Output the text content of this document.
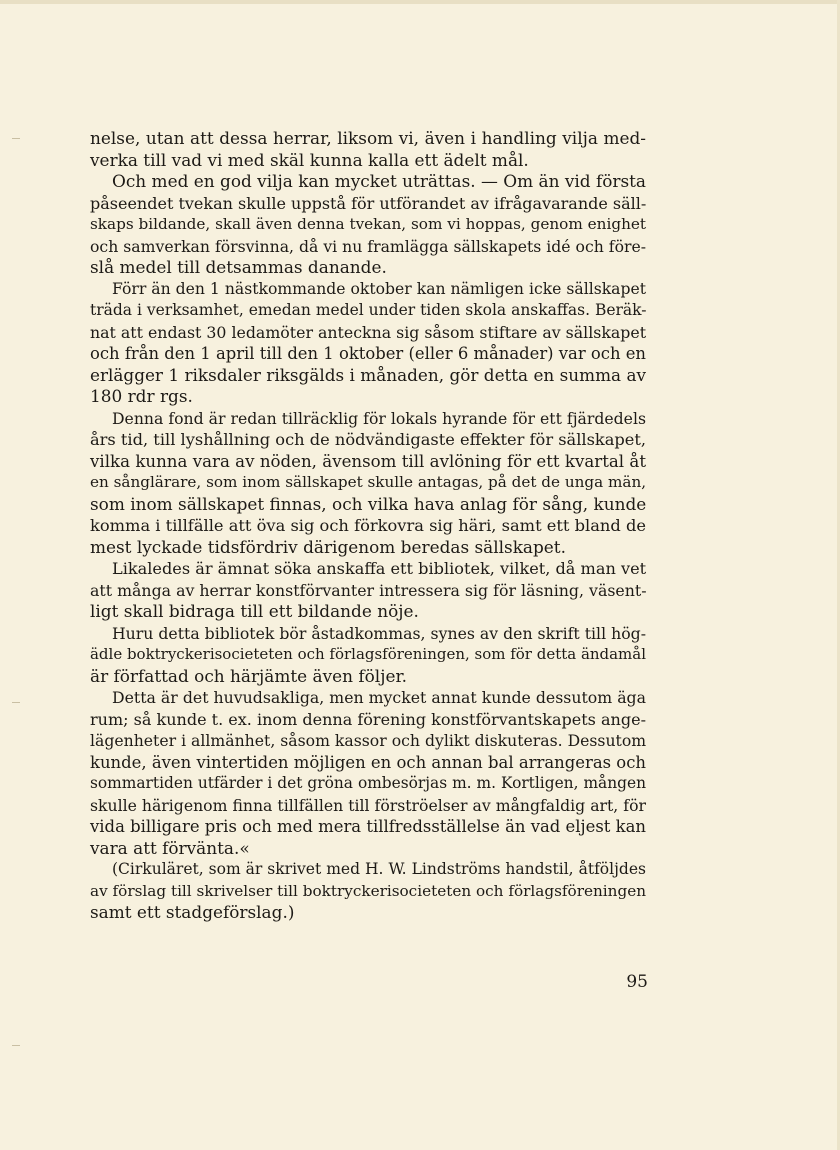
nelse, utan att dessa herrar, liksom vi, även i handling vilja med-
verka till vad vi med skäl kunna kalla ett ädelt mål.
Och med en god vilja kan mycket uträttas. — Om än vid första
påseendet tvekan skulle uppstå för utförandet av ifrågavarande säll-
skaps bildande, skall även denna tvekan, som vi hoppas, genom enighet
och samverkan försvinna, då vi nu framlägga sällskapets idé och före-
slå medel till detsammas danande.
Förr än den 1 nästkommande oktober kan nämligen icke sällskapet
träda i verksamhet, emedan medel under tiden skola anskaffas. Beräk-
nat att endast 30 ledamöter anteckna sig såsom stiftare av sällskapet
och från den 1 april till den 1 oktober (eller 6 månader) var och en
erlägger 1 riksdaler riksgälds i månaden, gör detta en summa av
180 rdr rgs.
Denna fond är redan tillräcklig för lokals hyrande för ett fjärdedels
års tid, till lyshållning och de nödvändigaste effekter för sällskapet,
vilka kunna vara av nöden, ävensom till avlöning för ett kvartal åt
en sånglärare, som inom sällskapet skulle antagas, på det de unga män,
som inom sällskapet finnas, och vilka hava anlag för sång, kunde
komma i tillfälle att öva sig och förkovra sig häri, samt ett bland de
mest lyckade tidsfördriv därigenom beredas sällskapet.
Likaledes är ämnat söka anskaffa ett bibliotek, vilket, då man vet
att många av herrar konstförvanter intressera sig för läsning, väsent-
ligt skall bidraga till ett bildande nöje.
Huru detta bibliotek bör åstadkommas, synes av den skrift till hög-
ädle boktryckerisocieteten och förlagsföreningen, som för detta ändamål
är författad och härjämte även följer.
Detta är det huvudsakliga, men mycket annat kunde dessutom äga
rum; så kunde t. ex. inom denna förening konstförvantskapets ange-
lägenheter i allmänhet, såsom kassor och dylikt diskuteras. Dessutom
kunde, även vintertiden möjligen en och annan bal arrangeras och
sommartiden utfärder i det gröna ombesörjas m. m. Kortligen, mången
skulle härigenom finna tillfällen till förströelser av mångfaldig art, för
vida billigare pris och med mera tillfredsställelse än vad eljest kan
vara att förvänta.«
(Cirkuläret, som är skrivet med H. W. Lindströms handstil, åtföljdes
av förslag till skrivelser till boktryckerisocieteten och förlagsföreningen
samt ett stadgeförslag.)
95
